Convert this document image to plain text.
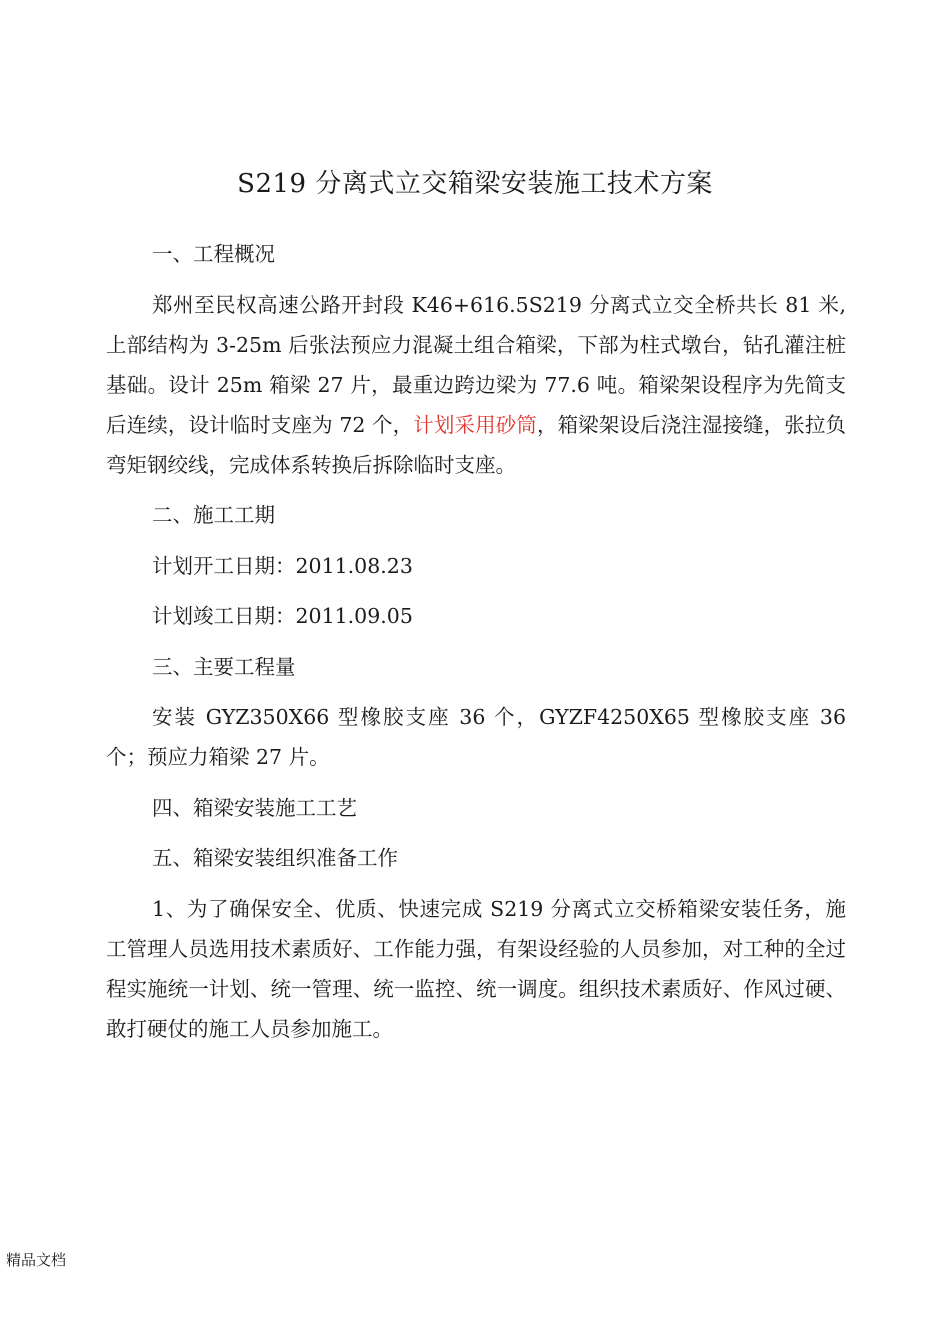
S219 分离式立交箱梁安装施工技术方案

一、工程概况

郑州至民权高速公路开封段 K46+616.5S219 分离式立交全桥共长 81 米,上部结构为 3-25m 后张法预应力混凝土组合箱梁，下部为柱式墩台，钻孔灌注桩基础。设计 25m 箱梁 27 片，最重边跨边梁为 77.6 吨。箱梁架设程序为先简支后连续，设计临时支座为 72 个，计划采用砂筒，箱梁架设后浇注湿接缝，张拉负弯矩钢绞线，完成体系转换后拆除临时支座。

二、施工工期

计划开工日期：2011.08.23

计划竣工日期：2011.09.05

三、主要工程量

安装 GYZ350X66 型橡胶支座 36 个，GYZF4250X65 型橡胶支座 36 个；预应力箱梁 27 片。

四、箱梁安装施工工艺

五、箱梁安装组织准备工作

1、为了确保安全、优质、快速完成 S219 分离式立交桥箱梁安装任务，施工管理人员选用技术素质好、工作能力强，有架设经验的人员参加，对工种的全过程实施统一计划、统一管理、统一监控、统一调度。组织技术素质好、作风过硬、敢打硬仗的施工人员参加施工。

精品文档
